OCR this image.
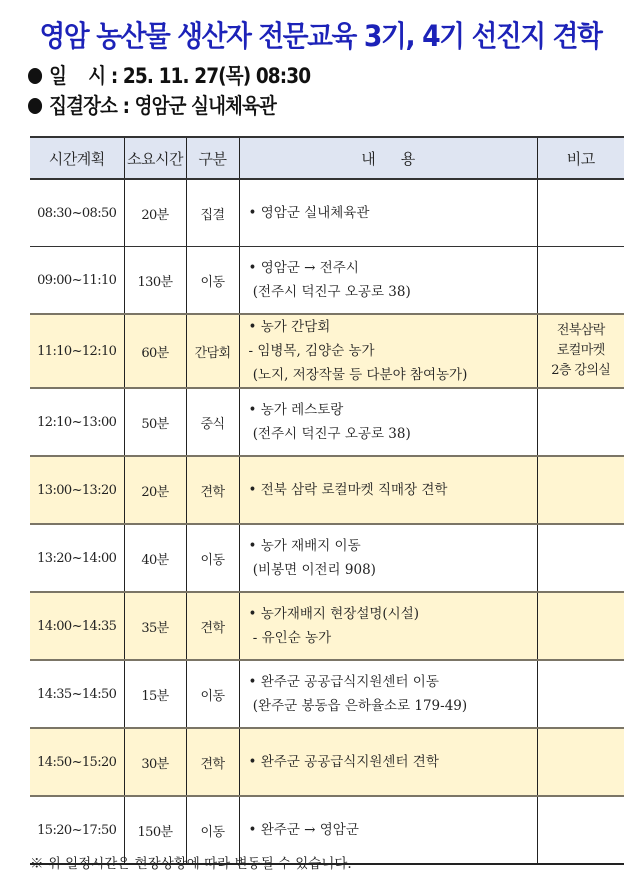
영암 농산물 생산자 전문교육 3기, 4기 선진지 견학
일    시 : 25. 11. 27(목) 08:30
집결장소 : 영암군 실내체육관
시간계획	소요시간	구분	내      용	비고
08:30~08:50	20분	집결	• 영암군 실내체육관	

09:00~11:10	130분	이동	• 영암군 → 전주시
(전주시 덕진구 오공로 38)	

11:10~12:10	60분	간담회	• 농가 간담회
- 임병목, 김양순 농가
(노지, 저장작물 등 다분야 참여농가)	전북삼락
로컬마켓
2층 강의실

12:10~13:00	50분	중식	• 농가 레스토랑
(전주시 덕진구 오공로 38)	

13:00~13:20	20분	견학	• 전북 삼락 로컬마켓 직매장 견학	

13:20~14:00	40분	이동	• 농가 재배지 이동
(비봉면 이전리 908)	

14:00~14:35	35분	견학	• 농가재배지 현장설명(시설)
- 유인순 농가	

14:35~14:50	15분	이동	• 완주군 공공급식지원센터 이동
(완주군 봉동읍 은하율소로 179-49)	

14:50~15:20	30분	견학	• 완주군 공공급식지원센터 견학	

15:20~17:50	150분	이동	• 완주군 → 영암군	

※ 위 일정시간은 현장상황에 따라 변동될 수 있습니다.
